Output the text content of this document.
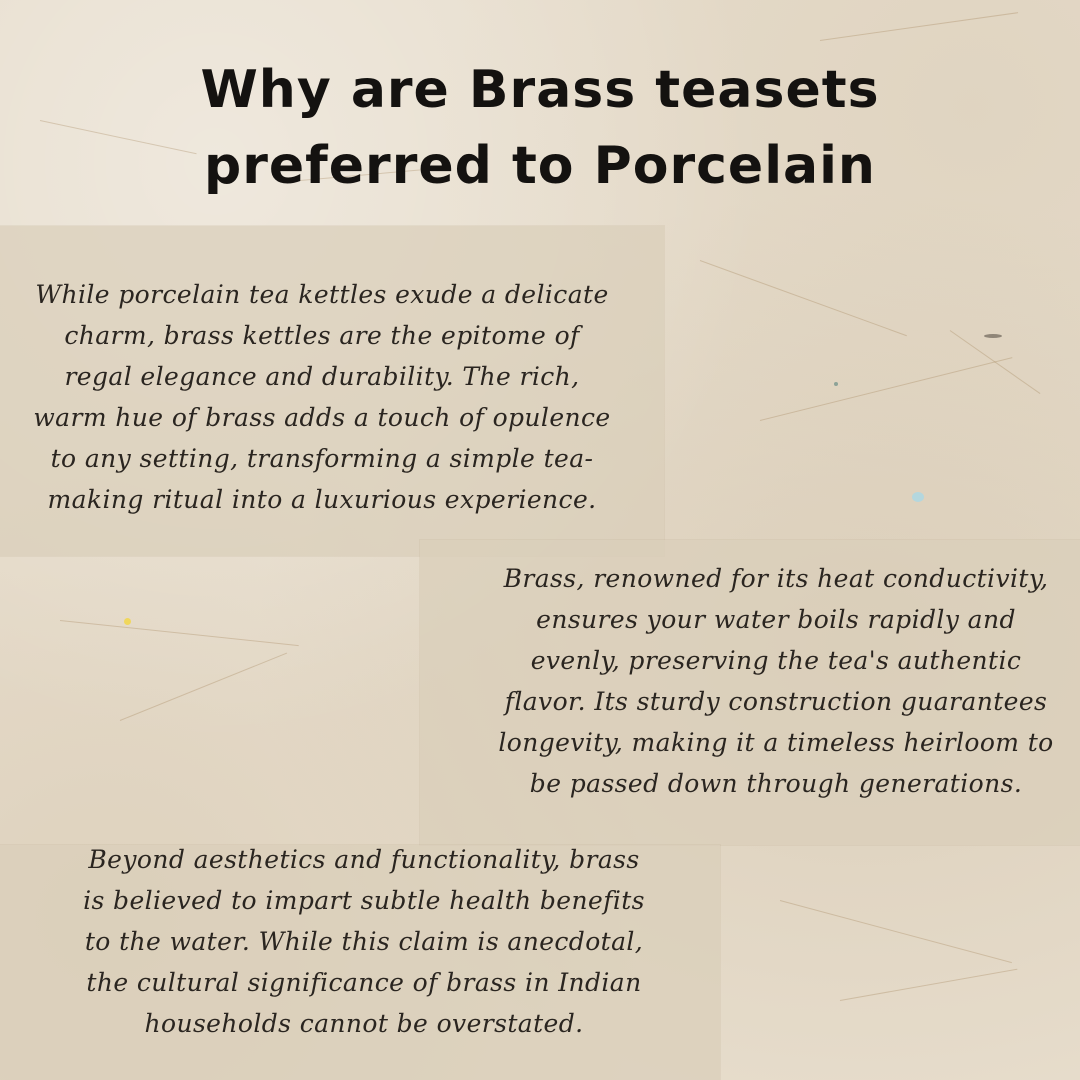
Why are Brass teasets
preferred to Porcelain

While porcelain tea kettles exude a delicate
charm, brass kettles are the epitome of
regal elegance and durability. The rich,
warm hue of brass adds a touch of opulence
to any setting, transforming a simple tea-
making ritual into a luxurious experience.

Brass, renowned for its heat conductivity,
ensures your water boils rapidly and
evenly, preserving the tea's authentic
flavor. Its sturdy construction guarantees
longevity, making it a timeless heirloom to
be passed down through generations.

Beyond aesthetics and functionality, brass
is believed to impart subtle health benefits
to the water. While this claim is anecdotal,
the cultural significance of brass in Indian
households cannot be overstated.
